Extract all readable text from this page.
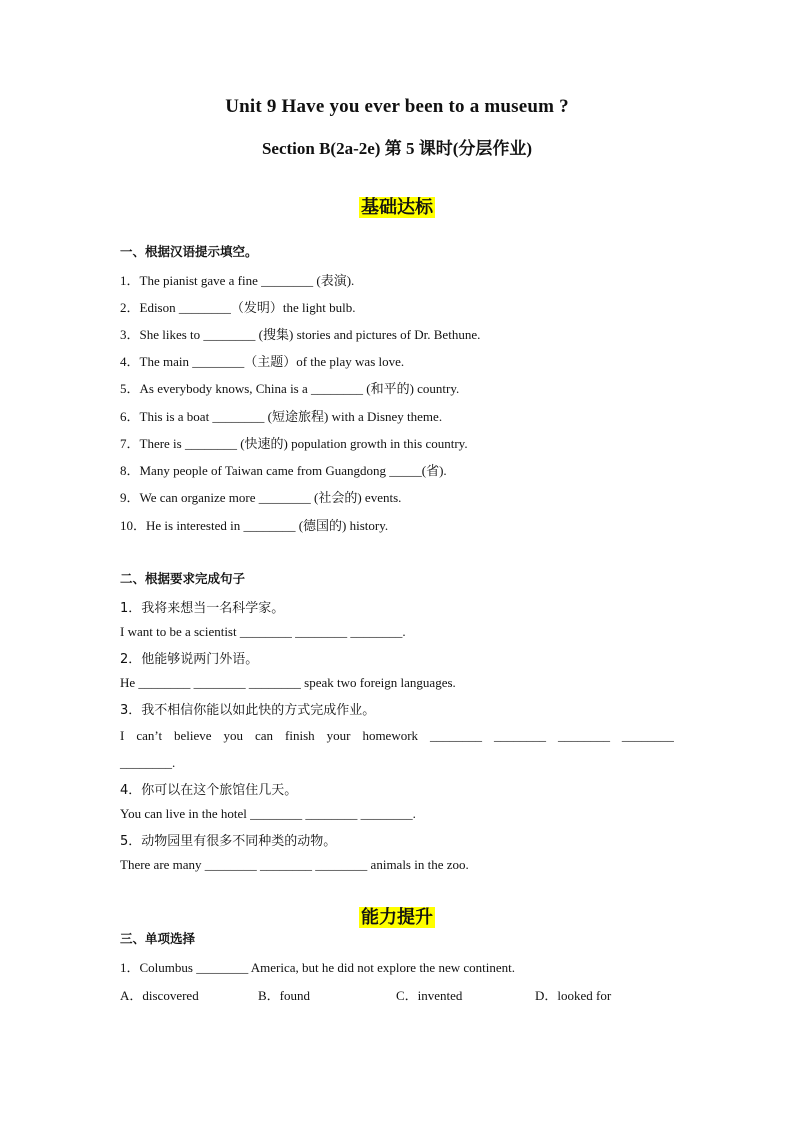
Unit 9 Have you ever been to a museum ?
Section B(2a-2e) 第 5 课时(分层作业)
基础达标
一、根据汉语提示填空。
1．The pianist gave a fine ________ (表演).
2．Edison ________（发明）the light bulb.
3．She likes to ________ (搜集) stories and pictures of Dr. Bethune.
4．The main ________（主题）of the play was love.
5．As everybody knows, China is a ________ (和平的) country.
6．This is a boat ________ (短途旅程) with a Disney theme.
7．There is ________ (快速的) population growth in this country.
8．Many people of Taiwan came from Guangdong _____(省).
9．We can organize more ________ (社会的) events.
10．He is interested in ________ (德国的) history.
二、根据要求完成句子
1．我将来想当一名科学家。
I want to be a scientist ________ ________ ________.
2．他能够说两门外语。
He ________ ________ ________ speak two foreign languages.
3．我不相信你能以如此快的方式完成作业。
I can’t believe you can finish your homework ________ ________ ________ ________
________.
4．你可以在这个旅馆住几天。
You can live in the hotel ________ ________ ________.
5．动物园里有很多不同种类的动物。
There are many ________ ________ ________ animals in the zoo.
能力提升
三、单项选择
1．Columbus ________ America, but he did not explore the new continent.
A．discovered	B．found	C．invented	D．looked for
